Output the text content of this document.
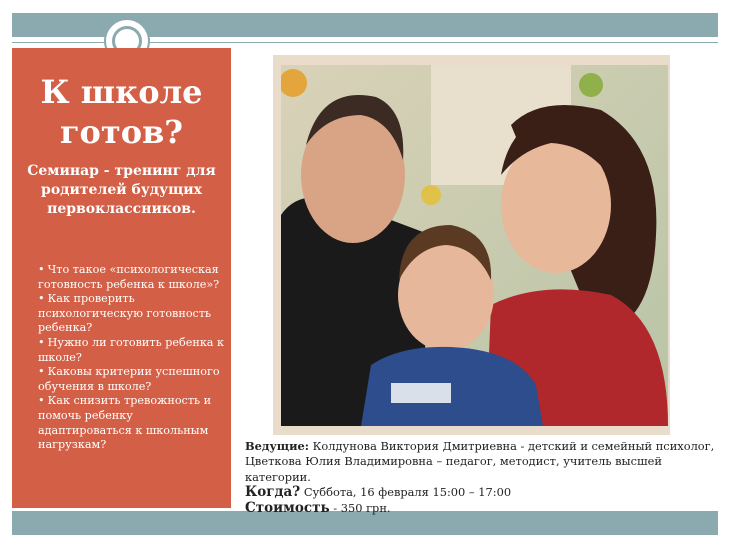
К школе готов?
Семинар - тренинг для родителей будущих первоклассников.
• Что такое «психологическая готовность ребенка к школе»?
• Как проверить психологическую готовность ребенка?
• Нужно ли готовить ребенка к школе?
• Каковы критерии успешного обучения в школе?
• Как снизить тревожность и помочь ребенку адаптироваться к школьным нагрузкам?	Ведущие: Колдунова Виктория Дмитриевна - детский и семейный психолог,
Цветкова Юлия Владимировна – педагог, методист, учитель высшей категории.
Когда? Суббота, 16 февраля 15:00 – 17:00
Стоимость - 350 грн.
